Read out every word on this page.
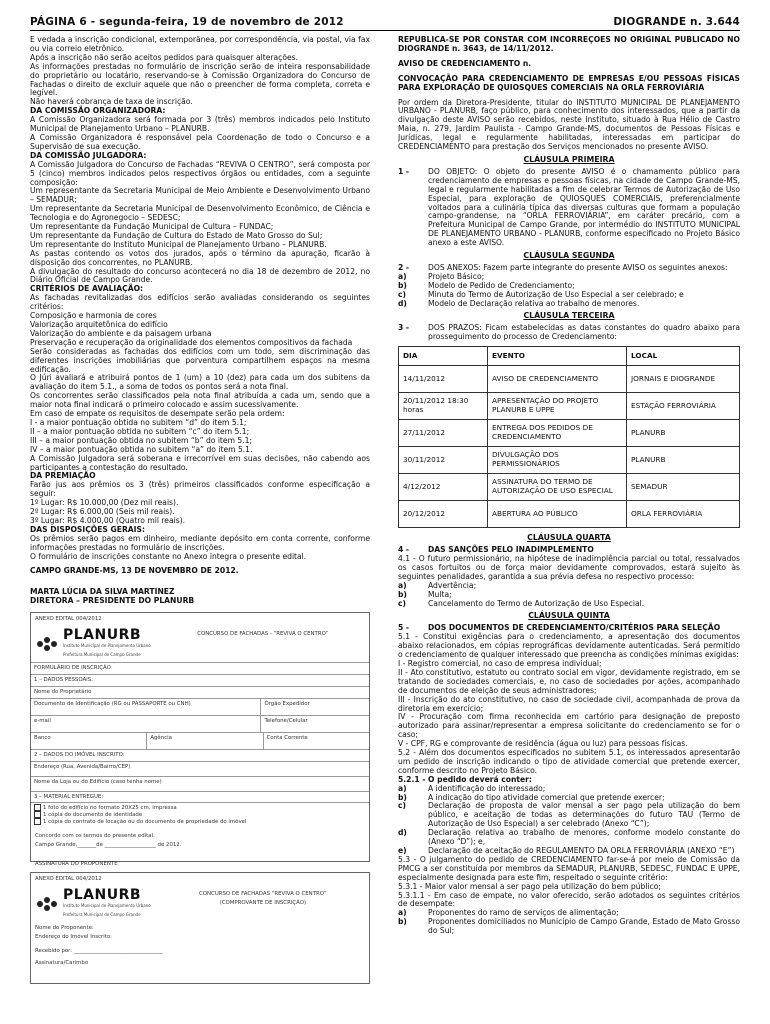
PÁGINA 6 - segunda-feira, 19 de novembro de 2012	DIOGRANDE n. 3.644

É vedada a inscrição condicional, extemporânea, por correspondência, via postal, via fax ou via correio eletrônico.

Após a inscrição não serão aceitos pedidos para quaisquer alterações.

As informações prestadas no formulário de inscrição serão de inteira responsabilidade do proprietário ou locatário, reservando-se à Comissão Organizadora do Concurso de Fachadas o direito de excluir aquele que não o preencher de forma completa, correta e legível.

Não haverá cobrança de taxa de inscrição.

DA COMISSÃO ORGANIZADORA:

A Comissão Organizadora será formada por 3 (três) membros indicados pelo Instituto Municipal de Planejamento Urbano – PLANURB.

A Comissão Organizadora é responsável pela Coordenação de todo o Concurso e a Supervisão de sua execução.

DA COMISSÃO JULGADORA:

A Comissão Julgadora do Concurso de Fachadas “REVIVA O CENTRO”, será composta por 5 (cinco) membros indicados pelos respectivos órgãos ou entidades, com a seguinte composição:

Um representante da Secretaria Municipal de Meio Ambiente e Desenvolvimento Urbano – SEMADUR;

Um representante da Secretaria Municipal de Desenvolvimento Econômico, de Ciência e Tecnologia e do Agronegocio – SEDESC;

Um representante da Fundação Municipal de Cultura – FUNDAC;

Um representante da Fundação de Cultura do Estado de Mato Grosso do Sul;

Um representante do Instituto Municipal de Planejamento Urbano – PLANURB.

As pastas contendo os votos dos jurados, após o término da apuração, ficarão à disposição dos concorrentes, no PLANURB.

A divulgação do resultado do concurso acontecerá no dia 18 de dezembro de 2012, no Diário Oficial de Campo Grande.

CRITÉRIOS DE AVALIAÇÃO:

As fachadas revitalizadas dos edifícios serão avaliadas considerando os seguintes critérios:

Composição e harmonia de cores

Valorização arquitetônica do edifício

Valorização do ambiente e da paisagem urbana

Preservação e recuperação da originalidade dos elementos compositivos da fachada

Serão consideradas as fachadas dos edifícios com um todo, sem discriminação das diferentes inscrições imobiliárias que porventura compartilhem espaços na mesma edificação.

O Júri avaliará e atribuirá pontos de 1 (um) a 10 (dez) para cada um dos subitens da avaliação do item 5.1., a soma de todos os pontos será a nota final.

Os concorrentes serão classificados pela nota final atribuída a cada um, sendo que a maior nota final indicará o primeiro colocado e assim sucessivamente.

Em caso de empate os requisitos de desempate serão pela ordem:

I - a maior pontuação obtida no subitem “d” do item 5.1;

II – a maior pontuação obtida no subitem “c” do item 5.1;

III – a maior pontuação obtida no subitem “b” do item 5.1;

IV – a maior pontuação obtida no subitem “a” do item 5.1.

A Comissão Julgadora será soberana e irrecorrível em suas decisões, não cabendo aos participantes a contestação do resultado.

DA PREMIAÇÃO

Farão jus aos prêmios os 3 (três) primeiros classificados conforme especificação a seguir:

1º Lugar: R$ 10.000,00 (Dez mil reais).

2º Lugar: R$ 6.000,00 (Seis mil reais).

3º Lugar: R$ 4.000,00 (Quatro mil reais).

DAS DISPOSIÇÕES GERAIS:

Os prêmios serão pagos em dinheiro, mediante depósito em conta corrente, conforme informações prestadas no formulário de inscrições.

O formulário de inscrições constante no Anexo integra o presente edital.

CAMPO GRANDE-MS, 13 DE NOVEMBRO DE 2012.

MARTA LÚCIA DA SILVA MARTINEZ

DIRETORA – PRESIDENTE DO PLANURB

ANEXO EDITAL 004/2012
PLANURB
Instituto Municipal de Planejamento Urbano
Prefeitura Municipal de Campo Grande
CONCURSO DE FACHADAS - “REVIVA O CENTRO”
FORMULÁRIO DE INSCRIÇÃO
1 – DADOS PESSOAIS:
Nome do Proprietário
Documento de Identificação (RG ou PASSAPORTE ou CNH)	Órgão Expedidor
e-mail	Telefone/Celular
Banco	Agência	Conta Corrente
2 – DADOS DO IMÓVEL INSCRITO:
Endereço (Rua, Avenida/Bairro/CEP)
Nome da Loja ou do Edifício (caso tenha nome)
3 – MATERIAL ENTREGUE:
1 foto do edifício no formato 20X25 cm, impressa
1 cópia do documento de identidade
1 cópia do contrato de locação ou do documento de propriedade do imóvel
Concordo com os termos do presente edital.
Campo Grande,_______de ___________________ de 2012.
ASSINATURA DO PROPONENTE
ANEXO EDITAL 004/2012
PLANURB
Instituto Municipal de Planejamento Urbano
Prefeitura Municipal de Campo Grande
CONCURSO DE FACHADAS “REVIVA O CENTRO”
(COMPROVANTE DE INSCRIÇÃO)
Nome do Proponente:
Endereço do Imóvel Inscrito:
Recebido por: _________________________________
Assinatura/Carimbo

REPUBLICA-SE POR CONSTAR COM INCORREÇÕES NO ORIGINAL PUBLICADO NO DIOGRANDE n. 3643, de 14/11/2012.

AVISO DE CREDENCIAMENTO n.

CONVOCAÇÃO PARA CREDENCIAMENTO DE EMPRESAS E/OU PESSOAS FÍSICAS PARA EXPLORAÇÃO DE QUIOSQUES COMERCIAIS NA ORLA FERROVIÁRIA

Por ordem da Diretora-Presidente, titular do INSTITUTO MUNICIPAL DE PLANEJAMENTO URBANO - PLANURB, faço público, para conhecimento dos interessados, que a partir da divulgação deste AVISO serão recebidos, neste Instituto, situado à Rua Hélio de Castro Maia, n. 279, Jardim Paulista - Campo Grande-MS, documentos de Pessoas Físicas e Jurídicas, legal e regularmente habilitadas, interessadas em participar do CREDENCIAMENTO para prestação dos Serviços mencionados no presente AVISO.

CLÁUSULA PRIMEIRA
1 -	DO OBJETO: O objeto do presente AVISO é o chamamento público para credenciamento de empresas e pessoas físicas, na cidade de Campo Grande-MS, legal e regularmente habilitadas a fim de celebrar Termos de Autorização de Uso Especial, para exploração de QUIOSQUES COMERCIAIS, preferencialmente voltados para a culinária típica das diversas culturas que formam a população campo-grandense, na “ORLA FERROVIÁRIA”, em caráter precário, com a Prefeitura Municipal de Campo Grande, por intermédio do INSTITUTO MUNICIPAL DE PLANEJAMENTO URBANO - PLANURB, conforme especificado no Projeto Básico anexo a este AVISO.
CLÁUSULA SEGUNDA
2 -	DOS ANEXOS: Fazem parte integrante do presente AVISO os seguintes anexos:
a)	Projeto Básico;
b)	Modelo de Pedido de Credenciamento;
c)	Minuta do Termo de Autorização de Uso Especial a ser celebrado; e
d)	Modelo de Declaração relativa ao trabalho de menores.
CLÁUSULA TERCEIRA
3 -	DOS PRAZOS: Ficam estabelecidas as datas constantes do quadro abaixo para prosseguimento do processo de Credenciamento:
DIA	EVENTO	LOCAL
14/11/2012	AVISO DE CREDENCIAMENTO	JORNAIS E DIOGRANDE
20/11/2012 18:30 horas	APRESENTAÇÃO DO PROJETO PLANURB E UPPE	ESTAÇÃO FERROVIÁRIA
27/11/2012	ENTREGA DOS PEDIDOS DE CREDENCIAMENTO	PLANURB
30/11/2012	DIVULGAÇÃO DOS PERMISSIONÁRIOS	PLANURB
4/12/2012	ASSINATURA DO TERMO DE AUTORIZAÇÃO DE USO ESPECIAL	SEMADUR
20/12/2012	ABERTURA AO PÚBLICO	ORLA FERROVIÁRIA
CLÁUSULA QUARTA
4 -	DAS SANÇÕES PELO INADIMPLEMENTO

4.1 - O futuro permissionário, na hipótese de inadimplência parcial ou total, ressalvados os casos fortuitos ou de força maior devidamente comprovados, estará sujeito às seguintes penalidades, garantida a sua prévia defesa no respectivo processo:

a)	Advertência;
b)	Multa;
c)	Cancelamento do Termo de Autorização de Uso Especial.
CLÁUSULA QUINTA
5 -	DOS DOCUMENTOS DE CREDENCIAMENTO/CRITÉRIOS PARA SELEÇÃO

5.1 - Constitui exigências para o credenciamento, a apresentação dos documentos abaixo relacionados, em cópias reprográficas devidamente autenticadas. Será permitido o credenciamento de qualquer interessado que preencha as condições mínimas exigidas:

I - Registro comercial, no caso de empresa individual;

II - Ato constitutivo, estatuto ou contrato social em vigor, devidamente registrado, em se tratando de sociedades comerciais, e, no caso de sociedades por ações, acompanhado de documentos de eleição de seus administradores;

III - Inscrição do ato constitutivo, no caso de sociedade civil, acompanhada de prova da diretoria em exercício;

IV - Procuração com firma reconhecida em cartório para designação de preposto autorizado para assinar/representar a empresa solicitante do credenciamento se for o caso;

V - CPF, RG e comprovante de residência (água ou luz) para pessoas físicas.

5.2 - Além dos documentos especificados no subitem 5.1, os interessados apresentarão um pedido de inscrição indicando o tipo de atividade comercial que pretende exercer, conforme descrito no Projeto Básico.

5.2.1 - O pedido deverá conter:

a)	A identificação do interessado;
b)	A indicação do tipo atividade comercial que pretende exercer;
c)	Declaração de proposta de valor mensal a ser pago pela utilização do bem público, e aceitação de todas as determinações do futuro TAU (Termo de Autorização de Uso Especial) a ser celebrado (Anexo “C”);
d)	Declaração relativa ao trabalho de menores, conforme modelo constante do (Anexo “D”); e,
e)	Declaração de aceitação do REGULAMENTO DA ORLA FERROVIÁRIA (ANEXO “E”)

5.3 - O julgamento do pedido de CREDENCIAMENTO far-se-á por meio de Comissão da PMCG a ser constituída por membros da SEMADUR, PLANURB, SEDESC, FUNDAC E UPPE, especialmente designada para este fim, respeitado o seguinte critério:

5.3.1 - Maior valor mensal a ser pago pela utilização do bem público;

5.3.1.1 - Em caso de empate, no valor oferecido, serão adotados os seguintes critérios de desempate:

a)	Proponentes do ramo de serviços de alimentação;
b)	Proponentes domiciliados no Município de Campo Grande, Estado de Mato Grosso do Sul;
